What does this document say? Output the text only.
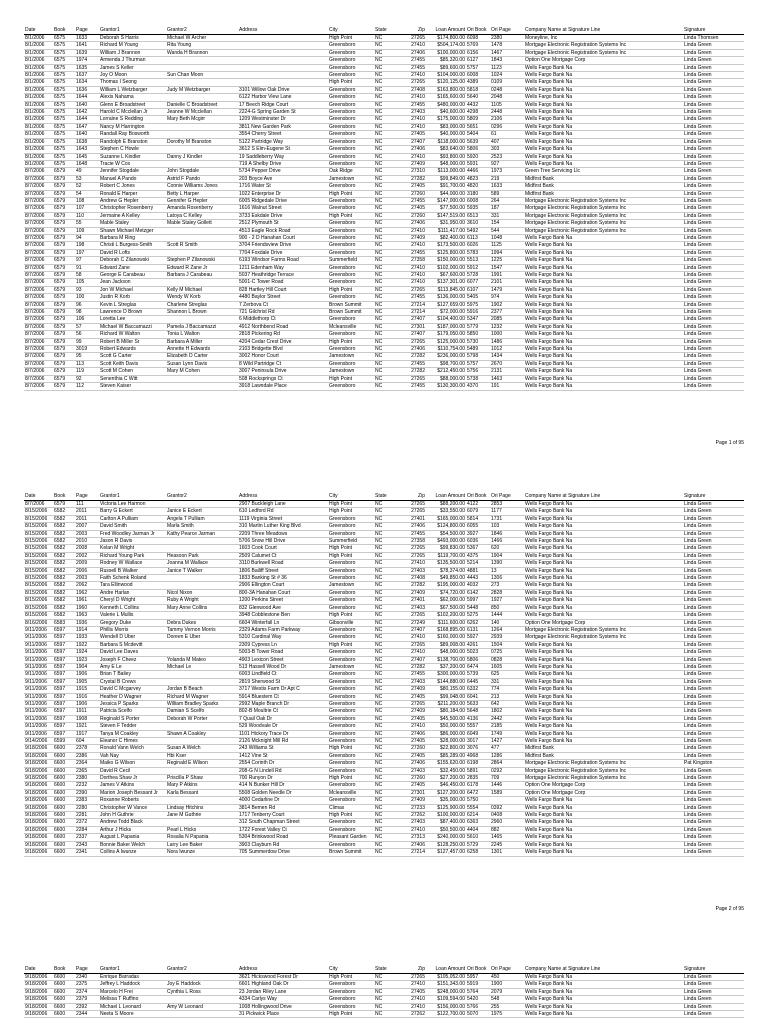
Date	Book	Page	Grantor1	Grantor2	Address	City	State	Zip	Loan Amount	Ori Book	Ori Page	Company Name at Signature Line	Signature
8/1/2006	6575	1633	Deborah S Harris	Michael W Archer		High Point	NC	27265	$174,800.00	6098	2380	Moneyline, Inc	Linda Thomsen
8/1/2006	6575	1641	Richard M Young	Rita Young		Greensboro	NC	27410	$504,174.00	5769	1478	Mortgage Electronic Registration Systems Inc	Linda Green
8/1/2006	6575	1639	William J Brannon	Wanda H Brannon		Greensboro	NC	27406	$100,000.00	6156	1467	Mortgage Electronic Registration Systems Inc	Linda Green
8/1/2006	6575	1974	Armenda J Thurman			Greensboro	NC	27455	$85,320.00	6127	1843	Option One Mortgage Corp	Linda Green
8/1/2006	6575	1635	James S Keller			Greensboro	NC	27455	$89,600.00	5757	1123	Wells Fargo Bank Na	Linda Green
8/1/2006	6575	1637	Joy O Moon	Sun Chan Moon		Greensboro	NC	27410	$104,000.00	6008	1024	Wells Fargo Bank Na	Linda Green
8/1/2006	6575	1634	Thomas I Seong			High Point	NC	27265	$120,125.00	4389	0109	Wells Fargo Bank Na	Linda Green
8/1/2006	6575	1636	William L Wetzbarger	Judy M Wetzbarger	3101 Willow Oak Drive	Greensboro	NC	27408	$163,800.00	5818	0248	Wells Fargo Bank Na	Linda Green
8/1/2006	6575	1644	Alexis Nahama		6122 Harbor View Lane	Greensboro	NC	27410	$165,600.00	5640	2048	Wells Fargo Bank Na	Linda Green
8/1/2006	6575	1640	Glenn E Broadstreet	Danielle C Broadstreet	17 Beech Ridge Court	Greensboro	NC	27455	$480,000.00	4432	1105	Wells Fargo Bank Na	Linda Green
8/1/2006	6575	1642	Harold C Mcclellan Jr	Jeanne W Mcclellan	2224-G Spring Garden St	Greensboro	NC	27403	$40,600.00	4298	2448	Wells Fargo Bank Na	Linda Green
8/1/2006	6575	1644	Lorraine S Redding	Mary Beth Mcgirr	1209 Westminster Dr	Greensboro	NC	27410	$175,000.00	5809	2106	Wells Fargo Bank Na	Linda Green
8/1/2006	6575	1647	Nancy M Harrington		3811 New Garden Park	Greensboro	NC	27410	$83,000.00	5651	0296	Wells Fargo Bank Na	Linda Green
8/1/2006	6575	1640	Randall Ray Bosworth		3554 Cherry Street	Greensboro	NC	27405	$40,000.00	5404	61	Wells Fargo Bank Na	Linda Green
8/1/2006	6575	1638	Randolph E Branston	Dorothy M Branston	5122 Partridge Way	Greensboro	NC	27407	$118,000.00	5639	407	Wells Fargo Bank Na	Linda Green
8/1/2006	6575	1643	Stephen C Howle		3612 S Elm-Eugene St	Greensboro	NC	27406	$83,640.00	5806	303	Wells Fargo Bank Na	Linda Green
8/1/2006	6575	1645	Suzanne L Kindler	Danny J Kindler	19 Saddleberry Way	Greensboro	NC	27410	$93,800.00	5920	2523	Wells Fargo Bank Na	Linda Green
8/1/2006	6575	1648	Tracie W Cox		719 A Shelby Drive	Greensboro	NC	27409	$48,000.00	5931	927	Wells Fargo Bank Na	Linda Green
8/7/2006	6579	49	Jennifer Stogdale	John Stogdale	5734 Pepper Drive	Oak Ridge	NC	27310	$113,000.00	4466	1973	Green Tree Servicing Llc	Linda Green
8/7/2006	6579	53	Manuel A Pando	Astrid F Pando	203 Boyce Ave	Jamestown	NC	27282	$99,849.00	4823	219	Midfirst Bank	Linda Green
8/7/2006	6579	52	Robert C Jones	Connie Williams Jones	1716 Water St	Greensboro	NC	27405	$91,700.00	4820	1633	Midfirst Bank	Linda Green
8/7/2006	6579	54	Ronald E Harper	Betty L Harper	1022 Enterprise Dr	High Point	NC	27260	$44,000.00	3180	589	Midfirst Bank	Linda Green
8/7/2006	6579	108	Andrew G Hepler	Gennifer G Hepler	6005 Ridgedale Drive	Greensboro	NC	27455	$147,000.00	6008	264	Mortgage Electronic Registration Systems Inc	Linda Green
8/7/2006	6579	107	Christopher Rosenberry	Amanda Rosenberry	1616 Walnut Street	Greensboro	NC	27405	$77,500.00	5935	187	Mortgage Electronic Registration Systems Inc	Linda Green
8/7/2006	6579	110	Jermaine A Kelley	Latoya C Kelley	3733 Eskdale Drive	High Point	NC	27260	$147,519.00	6513	331	Mortgage Electronic Registration Systems Inc	Linda Green
8/7/2006	6579	55	Mable Staley	Mable Staley Gollett	2512 Plymouth St	Greensboro	NC	27406	$31,950.00	3610	154	Mortgage Electronic Registration Systems Inc	Linda Green
8/7/2006	6579	109	Shawn Michael Metzger		4513 Eagle Rock Road	Greensboro	NC	27410	$111,417.00	5492	544	Mortgage Electronic Registration Systems Inc	Linda Green
8/7/2006	6579	94	Barbara M Ring		900 - 2 D Hanahan Court	Greensboro	NC	27409	$82,400.00	6113	1048	Wells Fargo Bank Na	Linda Green
8/7/2006	6579	198	Christi L Burgess-Smith	Scott R Smith	3704 Friendsview Drive	Greensboro	NC	27410	$173,500.00	6026	1125	Wells Fargo Bank Na	Linda Green
8/7/2006	6579	197	David R Lofts		7704 Foxdale Drive	Greensboro	NC	27455	$125,800.00	5783	1994	Wells Fargo Bank Na	Linda Green
8/7/2006	6579	97	Deborah C Zilanowski	Stephen P Zilanowski	6193 Windsor Farms Road	Summerfield	NC	27358	$150,000.00	5513	1225	Wells Fargo Bank Na	Linda Green
8/7/2006	6579	91	Edward Zane	Edward R Zane Jr	1211 Edenham Way	Greensboro	NC	27410	$102,000.00	5912	1547	Wells Fargo Bank Na	Linda Green
8/7/2006	6579	58	George E Carabeau	Barbara J Carabeau	5037 Heathridge Terrace	Greensboro	NC	27410	$67,600.00	5728	1991	Wells Fargo Bank Na	Linda Green
8/7/2006	6579	105	Jean Jackson		5001-C Tower Road	Greensboro	NC	27410	$137,301.00	6077	2101	Wells Fargo Bank Na	Linda Green
8/7/2006	6579	93	Jon W Michael	Kelly M Michael	828 Hartley Hill Court	High Point	NC	27265	$113,845.00	6107	1479	Wells Fargo Bank Na	Linda Green
8/7/2006	6579	100	Justin R Korb	Wendy W Korb	4480 Baylor Street	Greensboro	NC	27455	$136,000.00	5405	974	Wells Fargo Bank Na	Linda Green
8/7/2006	6579	96	Kevin L Streglas	Charlene Streglas	7 Zerbova Ct	Brown Summit	NC	27214	$127,659.00	5975	1902	Wells Fargo Bank Na	Linda Green
8/7/2006	6579	98	Lawrence D Brown	Shannon L Brown	721 Gilchrist Rd	Brown Summit	NC	27214	$72,000.00	5916	2377	Wells Fargo Bank Na	Linda Green
8/7/2006	6579	106	Loretta Lee		6 Middlethorp Ct	Greensboro	NC	27407	$104,400.00	5347	2085	Wells Fargo Bank Na	Linda Green
8/7/2006	6579	57	Michael W Baccamazzi	Pamela J Baccamazzi	4912 Northbend Road	Mcleansville	NC	27301	$187,000.00	5779	1232	Wells Fargo Bank Na	Linda Green
8/7/2006	6579	56	Richard W Walton	Tonia L Walton	2818 Pickering Rd	Greensboro	NC	27407	$179,050.00	5850	1000	Wells Fargo Bank Na	Linda Green
8/7/2006	6579	99	Robert B Miller Sr	Barbara A Miller	4204 Cedar Crest Drive	High Point	NC	27265	$125,000.00	5730	1486	Wells Fargo Bank Na	Linda Green
8/7/2006	6579	3019	Robert Edwards	Annette H Edwards	2103 Bridgette Blvd	Greensboro	NC	27406	$110,754.00	5489	1012	Wells Fargo Bank Na	Linda Green
8/7/2006	6579	95	Scott G Carter	Elizabeth D Carter	3002 Honor Court	Jamestown	NC	27282	$236,000.00	5798	1434	Wells Fargo Bank Na	Linda Green
8/7/2006	6579	113	Scott Keith Davis	Susan Lynn Davis	8 Wild Partridge Ct	Greensboro	NC	27455	$98,700.00	5757	2670	Wells Fargo Bank Na	Linda Green
8/7/2006	6579	119	Scott M Cohen	Mary M Cohen	3007 Peninsula Drive	Jamestown	NC	27282	$212,450.00	5756	2131	Wells Fargo Bank Na	Linda Green
8/7/2006	6579	92	Senenthia C Witt		508 Rocksprings Ct	High Point	NC	27265	$88,000.00	5738	1463	Wells Fargo Bank Na	Linda Green
8/7/2006	6579	112	Steven Kaiser		3918 Lawndale Place	Greensboro	NC	27455	$130,300.00	4370	191	Wells Fargo Bank Na	Linda Green
Page 1 of 95
Date	Book	Page	Grantor1	Grantor2	Address	City	State	Zip	Loan Amount	Ori Book	Ori Page	Company Name at Signature Line	Signature
8/7/2006	6579	111	Victoria Lee Harmon		2907 Buckleigh Lane	High Point	NC	27265	$88,200.00	4122	2853	Wells Fargo Bank Na	Linda Green
8/15/2006	6582	2011	Barry G Eckert	Janice E Eckert	610 Ledford Rd	High Point	NC	27265	$33,550.00	6079	1177	Wells Fargo Bank Na	Linda Green
8/15/2006	6582	2011	Carlton A Pulliam	Angela T Pulliam	1119 Virginia Street	Greensboro	NC	27401	$165,000.00	5814	1731	Wells Fargo Bank Na	Linda Green
8/15/2006	6582	2007	David Smith	Marla Smith	310 Martin Luther King Blvd	Greensboro	NC	27406	$124,800.00	6055	103	Wells Fargo Bank Na	Linda Green
8/15/2006	6582	2003	Fred Woodley Jarman Jr	Kathy Pearce Jarman	2209 Three Meadows	Greensboro	NC	27455	$54,500.00	3927	1846	Wells Fargo Bank Na	Linda Green
8/15/2006	6582	2010	Jason R Davis		5706 Snow Hill Drive	Summerfield	NC	27358	$493,000.00	6036	1466	Wells Fargo Bank Na	Linda Green
8/15/2006	6582	2008	Kelan M Wright		1603 Cook Court	High Point	NC	27265	$99,830.00	5367	620	Wells Fargo Bank Na	Linda Green
8/15/2006	6582	2002	Richard Young Park	Heasoon Park	2509 Calumet Ct	High Point	NC	27265	$119,700.00	4375	1904	Wells Fargo Bank Na	Linda Green
8/15/2006	6582	2009	Rodney W Wallace	Joanna M Wallace	3110 Burkwell Road	Greensboro	NC	27410	$135,500.00	5214	1390	Wells Fargo Bank Na	Linda Green
8/15/2006	6582	2006	Russell B Walker	Janice T Walker	1806 Bailiff Street	Greensboro	NC	27403	$78,374.00	4881	13	Wells Fargo Bank Na	Linda Green
8/15/2006	6582	2003	Faith Schenk Roland		1833 Banking St # 36	Greensboro	NC	27408	$49,850.00	4443	1306	Wells Fargo Bank Na	Linda Green
8/15/2006	6582	2062	Tara Ellinwood		2906 Ellington Court	Jamestown	NC	27282	$195,000.00	4032	273	Wells Fargo Bank Na	Linda Green
8/15/2006	6582	1962	Andre Harlan	Nicol Nixon	800-3A Hanahan Court	Greensboro	NC	27409	$74,720.00	6142	2828	Wells Fargo Bank Na	Linda Green
8/15/2006	6582	1961	Cheryl D Wright	Ruby A Wright	1200 Perkins Street	Greensboro	NC	27401	$62,000.00	5997	1927	Wells Fargo Bank Na	Linda Green
8/15/2006	6582	1960	Kenneth L Collins	Mary Anne Collins	832 Glenwood Ave	Greensboro	NC	27403	$67,500.00	5448	850	Wells Fargo Bank Na	Linda Green
8/15/2006	6582	1963	Valerie L Mullis		3948 Cobblestone Ben	High Point	NC	27265	$102,200.00	5275	1444	Wells Fargo Bank Na	Linda Green
8/16/2006	6583	1936	Gregory Duke	Debra Dukes	6604 Winterfall Ln	Gibsonville	NC	27249	$111,600.00	6262	140	Option One Mortgage Corp	Linda Green
9/11/2006	6597	1914	Phillis Morris	Tammy Vernon Morris	2329 Adams Farm Parkway	Greensboro	NC	27407	$168,895.00	6131	1264	Mortgage Electronic Registration Systems Inc	Linda Green
9/11/2006	6597	1933	Wendell D Uber	Doreen E Uber	5310 Cardinal Way	Greensboro	NC	27410	$160,000.00	5927	2939	Mortgage Electronic Registration Systems Inc	Linda Green
9/11/2006	6597	1922	Barbara S Mcdevitt		2309 Cypress Ln	High Point	NC	27265	$89,008.00	4261	1504	Wells Fargo Bank Na	Linda Green
9/11/2006	6597	1924	David Lee Daves		5003-B Tower Road	Greensboro	NC	27410	$48,000.00	5023	0725	Wells Fargo Bank Na	Linda Green
9/11/2006	6597	1923	Joseph F Cheez	Yolanda M Mateo	4903 Lexicon Street	Greensboro	NC	27407	$138,700.00	5806	0828	Wells Fargo Bank Na	Linda Green
9/11/2006	6597	1904	Amy E Le	Michael Le	513 Hassell Wood Dr	Jamestown	NC	27282	$37,200.00	6474	1605	Wells Fargo Bank Na	Linda Green
9/11/2006	6597	1906	Brian T Bailey		6003 Lindfield Ct	Greensboro	NC	27455	$300,000.00	5739	625	Wells Fargo Bank Na	Linda Green
9/11/2006	6597	1905	Crystal B Crews		2819 Sherwood St	Greensboro	NC	27403	$144,880.00	6445	331	Wells Fargo Bank Na	Linda Green
9/11/2006	6597	1915	David C Mcgarvey	Jordan B Beach	3717 Westis Farm Dr Apt C	Greensboro	NC	27409	$80,155.00	6332	774	Wells Fargo Bank Na	Linda Green
9/11/2006	6597	1916	Heather D Wagner	Richard M Wagner	5914 Bluestem Ct	Greensboro	NC	27405	$99,048.00	6041	213	Wells Fargo Bank Na	Linda Green
9/11/2006	6597	1906	Jessica P Sparks	William Bradley Sparks	2992 Maple Branch Dr	Greensboro	NC	27265	$211,200.00	5633	642	Wells Fargo Bank Na	Linda Green
9/11/2006	6597	1911	Patricia Scelfo	Damian S Scelfo	802-B Moultrie Ct	Greensboro	NC	27409	$80,184.00	5648	1802	Wells Fargo Bank Na	Linda Green
9/11/2006	6597	1908	Reginald S Porter	Deborah W Porter	7 Quail Oak Dr	Greensboro	NC	27405	$45,500.00	4136	2442	Wells Fargo Bank Na	Linda Green
9/11/2006	6597	1921	Steven F Tedder		529 Woodvale Dr	Greensboro	NC	27410	$50,000.00	5557	2185	Wells Fargo Bank Na	Linda Green
9/11/2006	6597	1917	Tanya M Coakley	Shawn A Coakley	1101 Hickory Trace Dr	Greensboro	NC	27406	$86,000.00	6049	1749	Wells Fargo Bank Na	Linda Green
9/14/2006	6599	604	Eleanor C Himes		2126 Mcknight Mill Rd	Greensboro	NC	27405	$28,000.00	3017	1427	Wells Fargo Bank Na	Linda Green
9/18/2006	6600	2378	Ronald Vann Welch	Susan A Welch	243 Williams St	High Point	NC	27260	$22,800.00	3076	477	Midfirst Bank	Linda Green
9/18/2006	6600	2386	Vah Nay	Hbi Kser	1412 Vine St	Greensboro	NC	27405	$85,289.00	4968	1286	Midfirst Bank	Linda Green
9/18/2006	6600	2364	Maiko G Wilson	Reginald E Wilson	2554 Corinth Dr	Greensboro	NC	27406	$155,620.00	6198	2864	Mortgage Electronic Registration Systems Inc	Pat Kingston
9/18/2006	6600	2365	David R Cecil		208-G N Lindell Rd	Greensboro	NC	27403	$32,450.00	5891	0292	Mortgage Electronic Registration Systems Inc	Linda Green
9/18/2006	6600	2380	Dorthea Shaw Jr	Priscilla P Shaw	700 Runyon Dr	High Point	NC	27260	$27,200.00	2835	709	Mortgage Electronic Registration Systems Inc	Linda Green
9/18/2006	6600	2232	James V Atkins	Mary P Atkins	414 N Bunker Hill Dr	Greensboro	NC	27405	$46,450.00	6178	1446	Option One Mortgage Corp	Linda Green
9/18/2006	6600	2390	Marion Joseph Bessant Jr	Karla Bessant	5508 Golden Needle Dr	Mcleansville	NC	27301	$127,200.00	6472	1589	Option One Mortgage Corp	Linda Green
9/18/2006	6600	2383	Roxanne Roberts		4000 Cedarline Dr	Greensboro	NC	27409	$35,000.00	5750		Wells Fargo Bank Na	Linda Green
9/18/2006	6600	2280	Christopher W Vance	Lindsay Hitchins	3814 Bemen Rd	Climax	NC	27233	$125,900.00	5554	0392	Wells Fargo Bank Na	Linda Green
9/18/2006	6600	2281	John H Guthrie	Jane M Guthrie	1717 Tenberry Court	High Point	NC	27262	$100,000.00	6214	0408	Wells Fargo Bank Na	Linda Green
9/18/2006	6600	2372	Andrew Todd Black		312 South Chapman Street	Greensboro	NC	27403	$87,400.00	6363	2960	Wells Fargo Bank Na	Linda Green
9/18/2006	6600	2284	Arthur J Hicks	Pearl L Hicks	1722 Forest Valley Ct	Greensboro	NC	27410	$50,500.00	4404	882	Wells Fargo Bank Na	Linda Green
9/18/2006	6600	2337	August L Papania	Rosalia N Papania	5304 Brinkwood Road	Pleasant Garden	NC	27313	$240,000.00	5610	1465	Wells Fargo Bank Na	Linda Green
9/18/2006	6600	2343	Bonnie Baker Welch	Larry Lee Baker	3903 Clayburn Rd	Greensboro	NC	27406	$128,250.00	5729	2245	Wells Fargo Bank Na	Linda Green
9/18/2006	6600	2341	Collins A Iwunze	Nora Iwunze	705 Summerdow Drive	Brown Summit	NC	27214	$127,457.00	6258	1301	Wells Fargo Bank Na	Linda Green
Page 2 of 95
Date	Book	Page	Grantor1	Grantor2	Address	City	State	Zip	Loan Amount	Ori Book	Ori Page	Company Name at Signature Line	Signature
9/18/2006	6600	2340	Enrique Barradas		3621 Hickswood Forest Dr	High Point	NC	27265	$105,052.00	5957	450	Wells Fargo Bank Na	Linda Green
9/18/2006	6600	2375	Jeffrey L Haddock	Joy E Haddock	6601 Highland Oak Dr	Greensboro	NC	27410	$151,343.00	5919	1900	Wells Fargo Bank Na	Linda Green
9/18/2006	6600	2374	Marcelo H Frei	Cynthia L Ross	23 Jordan Riley Lane	Greensboro	NC	27405	$248,000.00	5764	2079	Wells Fargo Bank Na	Linda Green
9/18/2006	6600	2379	Melissa T Ruffino		4334 Carlys Way	Greensboro	NC	27410	$109,594.00	5420	548	Wells Fargo Bank Na	Linda Green
9/18/2006	6600	2392	Michael L Leonard	Amy W Leonard	1008 Hollingwood Drive	Greensboro	NC	27410	$156,000.00	5766	255	Wells Fargo Bank Na	Linda Green
9/18/2006	6600	2344	Neeta S Moore		31 Pickwick Place	High Point	NC	27262	$122,700.00	5070	1975	Wells Fargo Bank Na	Linda Green
